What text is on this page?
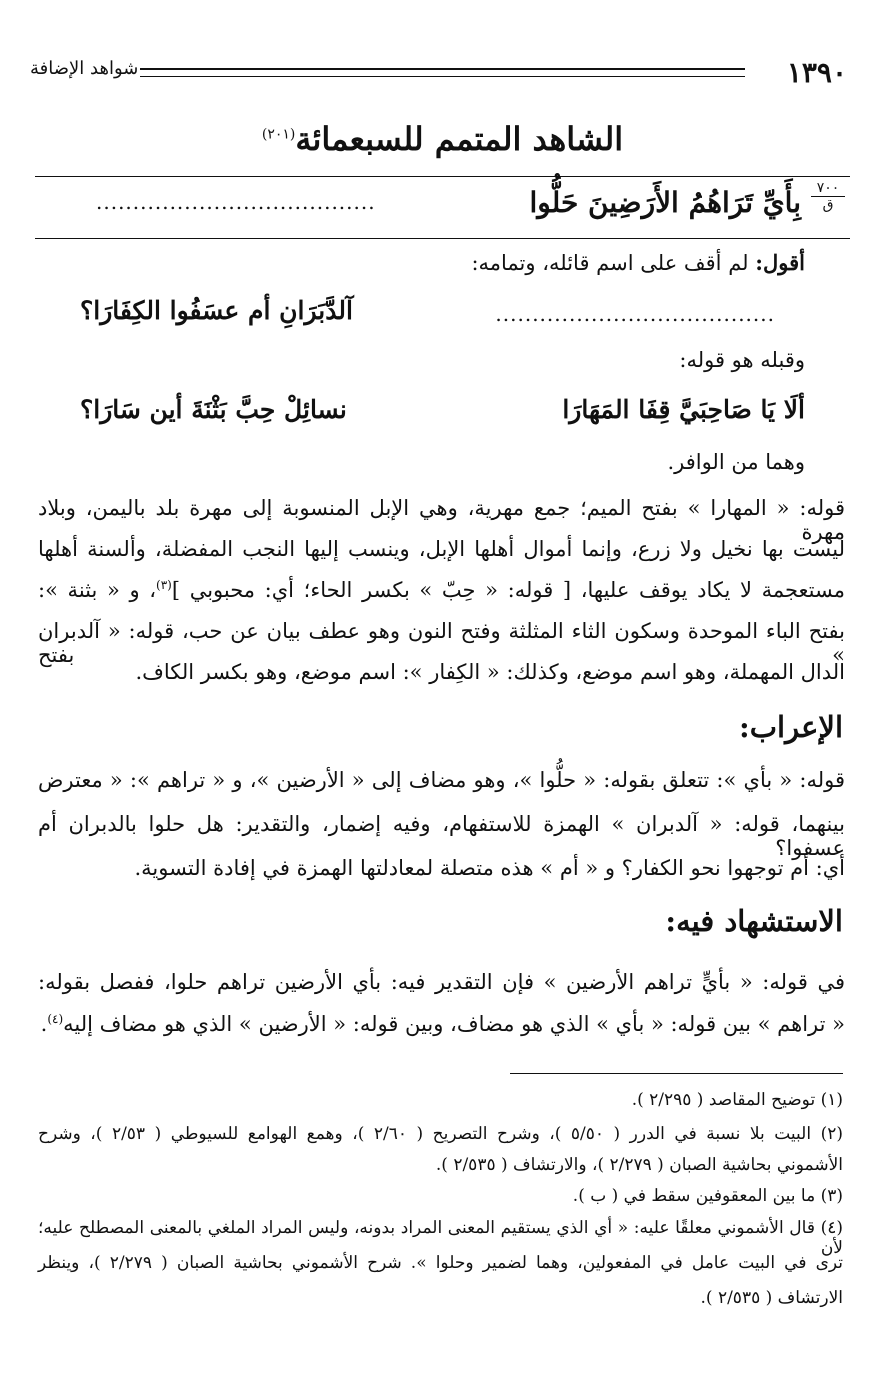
١٣٩٠
شواهد الإضافة
الشاهد المتمم للسبعمائة$^{(٢٠١)}$
٧٠٠
ق
بِأَيِّ تَرَاهُمُ الأَرَضِينَ حَلُّوا
......................................
أقول: لم أقف على اسم قائله، وتمامه:
......................................
آلدَّبَرَانِ أم عسَفُوا الكِفَارَا؟
وقبله هو قوله:
ألَا يَا صَاحِبَيَّ قِفَا المَهَارَا
نسائِلْ حِبَّ بَثْنَةَ أين سَارَا؟
وهما من الوافر.
قوله: « المهارا » بفتح الميم؛ جمع مهرية، وهي الإبل المنسوبة إلى مهرة بلد باليمن، وبلاد مهرة
ليست بها نخيل ولا زرع، وإنما أموال أهلها الإبل، وينسب إليها النجب المفضلة، وألسنة أهلها
مستعجمة لا يكاد يوقف عليها، [ قوله: « حِبّ » بكسر الحاء؛ أي: محبوبي ]$^{(٣)}$، و « بثنة »:
بفتح الباء الموحدة وسكون الثاء المثلثة وفتح النون وهو عطف بيان عن حب، قوله: « آلدبران » بفتح
الدال المهملة، وهو اسم موضع، وكذلك: « الكِفار »: اسم موضع، وهو بكسر الكاف.
الإعراب:
قوله: « بأي »: تتعلق بقوله: « حلُّوا »، وهو مضاف إلى « الأرضين »، و « تراهم »: « معترض
بينهما، قوله: « آلدبران » الهمزة للاستفهام، وفيه إضمار، والتقدير: هل حلوا بالدبران أم عسفوا؟
أي: أم توجهوا نحو الكفار؟ و « أم » هذه متصلة لمعادلتها الهمزة في إفادة التسوية.
الاستشهاد فيه:
في قوله: « بأيٍّ تراهم الأرضين » فإن التقدير فيه: بأي الأرضين تراهم حلوا، ففصل بقوله:
« تراهم » بين قوله: « بأي » الذي هو مضاف، وبين قوله: « الأرضين » الذي هو مضاف إليه$^{(٤)}$.
(١) توضيح المقاصد ( ٢/٢٩٥ ).
(٢) البيت بلا نسبة في الدرر ( ٥/٥٠ )، وشرح التصريح ( ٢/٦٠ )، وهمع الهوامع للسيوطي ( ٢/٥٣ )، وشرح
الأشموني بحاشية الصبان ( ٢/٢٧٩ )، والارتشاف ( ٢/٥٣٥ ).
(٣) ما بين المعقوفين سقط في ( ب ).
(٤) قال الأشموني معلقًا عليه: « أي الذي يستقيم المعنى المراد بدونه، وليس المراد الملغي بالمعنى المصطلح عليه؛ لأن
ترى في البيت عامل في المفعولين، وهما لضمير وحلوا ». شرح الأشموني بحاشية الصبان ( ٢/٢٧٩ )، وينظر
الارتشاف ( ٢/٥٣٥ ).
